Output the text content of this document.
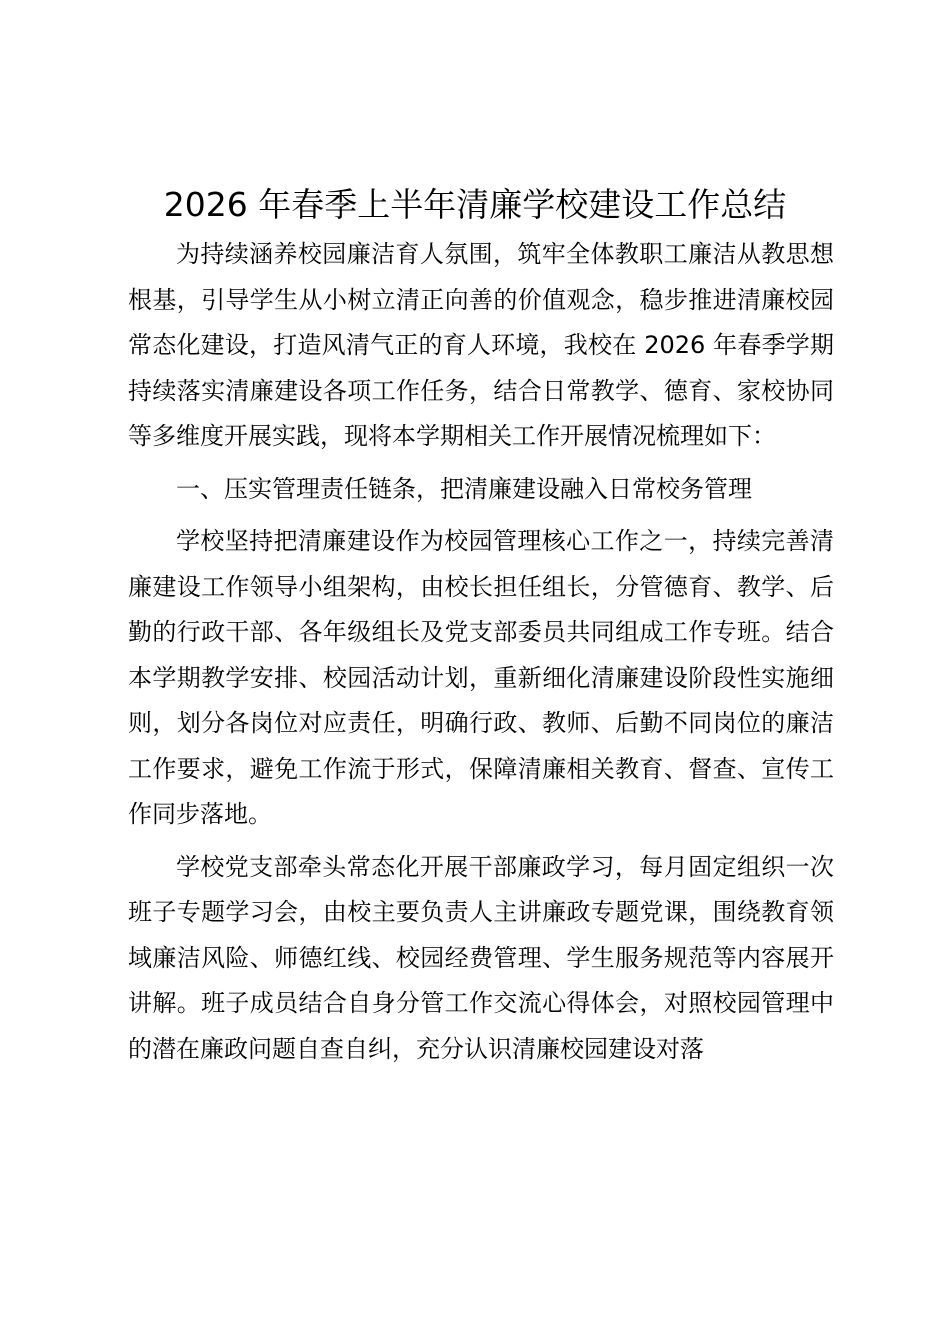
2026 年春季上半年清廉学校建设工作总结

为持续涵养校园廉洁育人氛围，筑牢全体教职工廉洁从教思想根基，引导学生从小树立清正向善的价值观念，稳步推进清廉校园常态化建设，打造风清气正的育人环境，我校在 2026 年春季学期持续落实清廉建设各项工作任务，结合日常教学、德育、家校协同等多维度开展实践，现将本学期相关工作开展情况梳理如下：

一、压实管理责任链条，把清廉建设融入日常校务管理

学校坚持把清廉建设作为校园管理核心工作之一，持续完善清廉建设工作领导小组架构，由校长担任组长，分管德育、教学、后勤的行政干部、各年级组长及党支部委员共同组成工作专班。结合本学期教学安排、校园活动计划，重新细化清廉建设阶段性实施细则，划分各岗位对应责任，明确行政、教师、后勤不同岗位的廉洁工作要求，避免工作流于形式，保障清廉相关教育、督查、宣传工作同步落地。

学校党支部牵头常态化开展干部廉政学习，每月固定组织一次班子专题学习会，由校主要负责人主讲廉政专题党课，围绕教育领域廉洁风险、师德红线、校园经费管理、学生服务规范等内容展开讲解。班子成员结合自身分管工作交流心得体会，对照校园管理中的潜在廉政问题自查自纠，充分认识清廉校园建设对落
